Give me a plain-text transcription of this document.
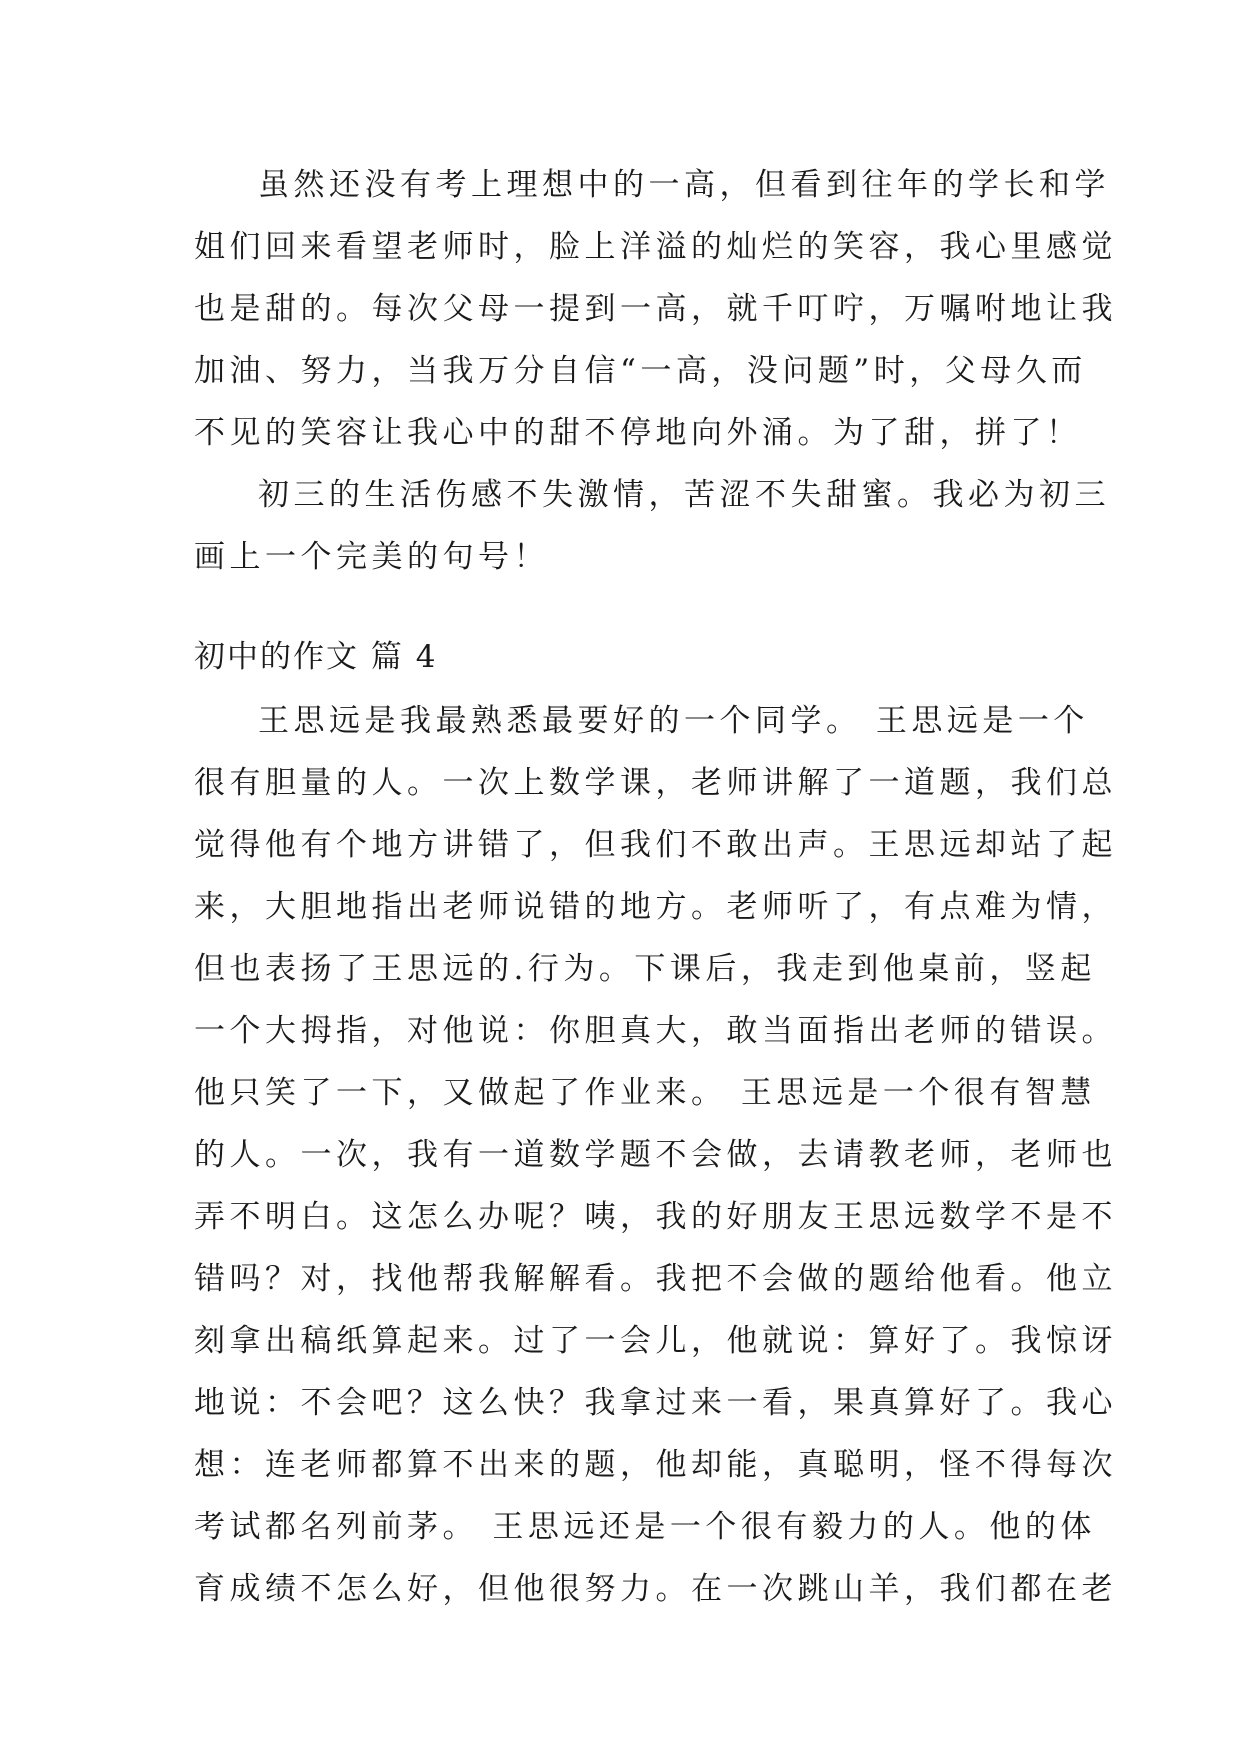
虽然还没有考上理想中的一高，但看到往年的学长和学
姐们回来看望老师时，脸上洋溢的灿烂的笑容，我心里感觉
也是甜的。每次父母一提到一高，就千叮咛，万嘱咐地让我
加油、努力，当我万分自信“一高，没问题”时，父母久而
不见的笑容让我心中的甜不停地向外涌。为了甜，拼了！
初三的生活伤感不失激情，苦涩不失甜蜜。我必为初三
画上一个完美的句号！
初中的作文 篇 4
王思远是我最熟悉最要好的一个同学。 王思远是一个
很有胆量的人。一次上数学课，老师讲解了一道题，我们总
觉得他有个地方讲错了，但我们不敢出声。王思远却站了起
来，大胆地指出老师说错的地方。老师听了，有点难为情，
但也表扬了王思远的.行为。下课后，我走到他桌前，竖起
一个大拇指，对他说：你胆真大，敢当面指出老师的错误。
他只笑了一下，又做起了作业来。 王思远是一个很有智慧
的人。一次，我有一道数学题不会做，去请教老师，老师也
弄不明白。这怎么办呢？咦，我的好朋友王思远数学不是不
错吗？对，找他帮我解解看。我把不会做的题给他看。他立
刻拿出稿纸算起来。过了一会儿，他就说：算好了。我惊讶
地说：不会吧？这么快？我拿过来一看，果真算好了。我心
想：连老师都算不出来的题，他却能，真聪明，怪不得每次
考试都名列前茅。 王思远还是一个很有毅力的人。他的体
育成绩不怎么好，但他很努力。在一次跳山羊，我们都在老
